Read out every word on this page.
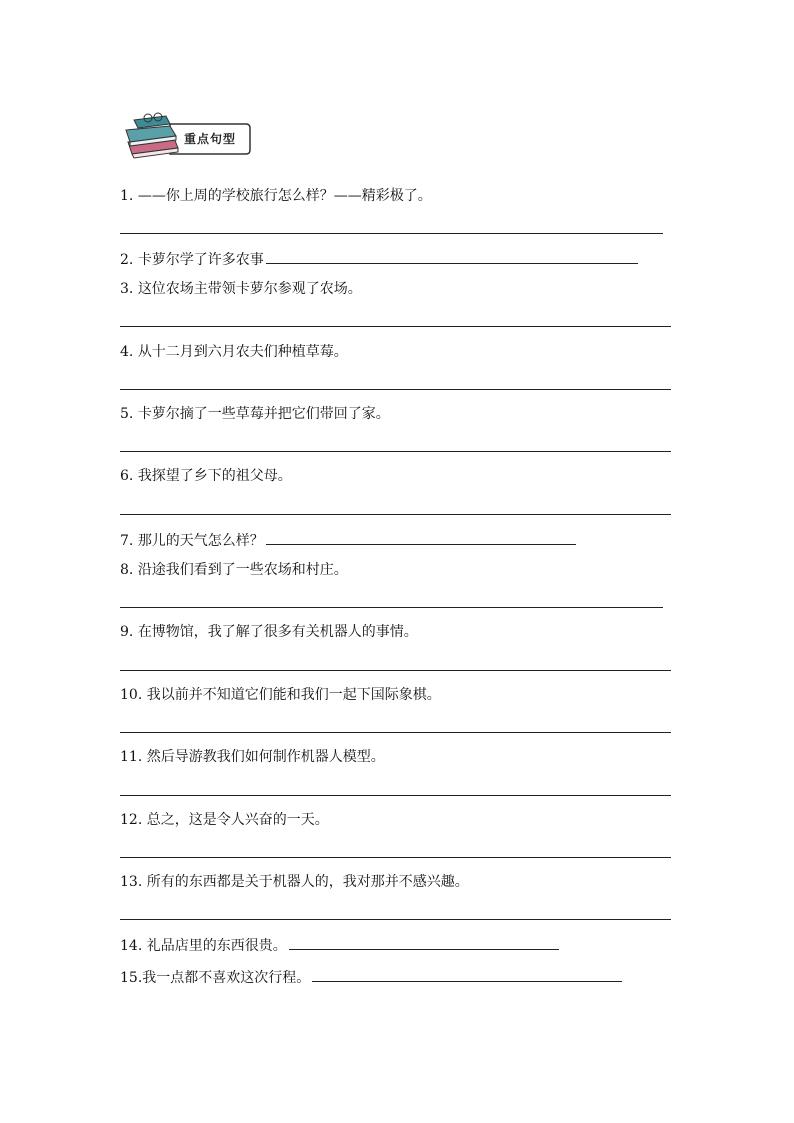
重点句型
1. ——你上周的学校旅行怎么样？——精彩极了。
2. 卡萝尔学了许多农事
3. 这位农场主带领卡萝尔参观了农场。
4. 从十二月到六月农夫们种植草莓。
5. 卡萝尔摘了一些草莓并把它们带回了家。
6. 我探望了乡下的祖父母。
7. 那儿的天气怎么样？
8. 沿途我们看到了一些农场和村庄。
9. 在博物馆，我了解了很多有关机器人的事情。
10. 我以前并不知道它们能和我们一起下国际象棋。
11. 然后导游教我们如何制作机器人模型。
12. 总之，这是令人兴奋的一天。
13. 所有的东西都是关于机器人的，我对那并不感兴趣。
14. 礼品店里的东西很贵。
15.我一点都不喜欢这次行程。
